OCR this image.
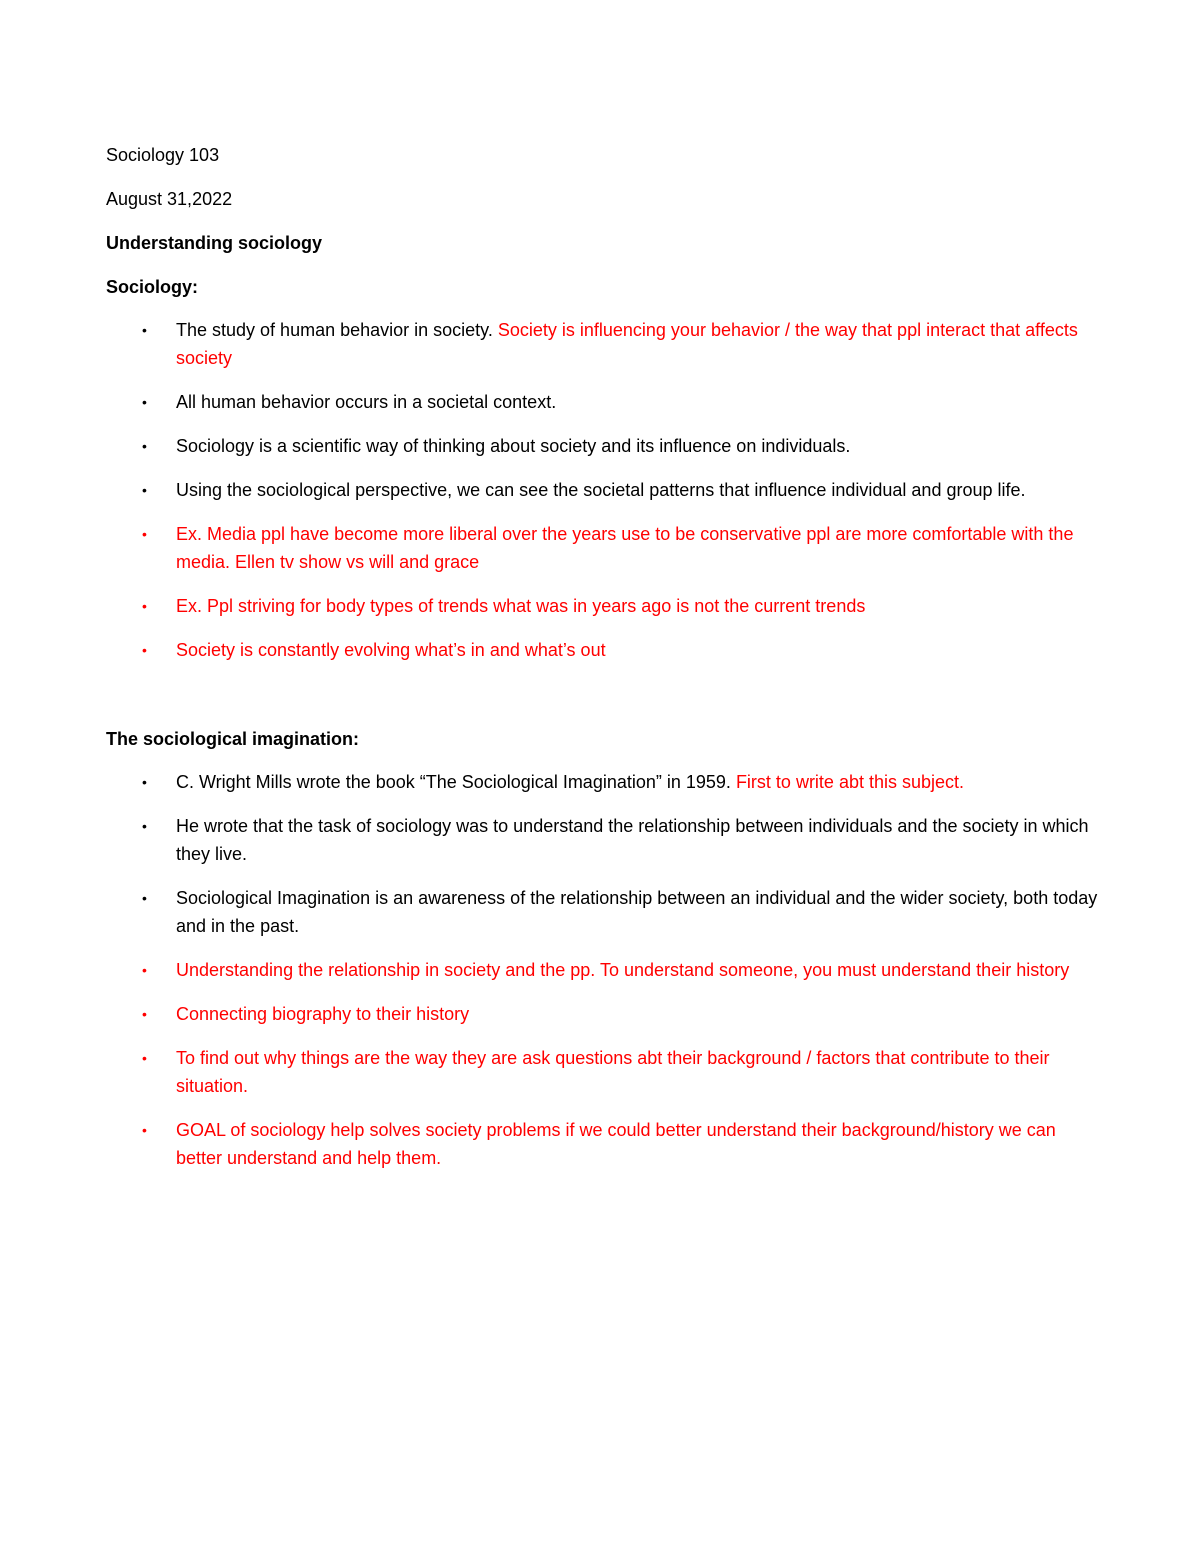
Sociology 103
August 31,2022
Understanding sociology
Sociology:
• The study of human behavior in society. Society is influencing your behavior / the way that ppl interact that affects society
• All human behavior occurs in a societal context.
• Sociology is a scientific way of thinking about society and its influence on individuals.
• Using the sociological perspective, we can see the societal patterns that influence individual and group life.
• Ex. Media ppl have become more liberal over the years use to be conservative ppl are more comfortable with the media. Ellen tv show vs will and grace
• Ex. Ppl striving for body types of trends what was in years ago is not the current trends
• Society is constantly evolving what’s in and what’s out
The sociological imagination:
• C. Wright Mills wrote the book “The Sociological Imagination” in 1959. First to write abt this subject.
• He wrote that the task of sociology was to understand the relationship between individuals and the society in which they live.
• Sociological Imagination is an awareness of the relationship between an individual and the wider society, both today and in the past.
• Understanding the relationship in society and the pp. To understand someone, you must understand their history
• Connecting biography to their history
• To find out why things are the way they are ask questions abt their background / factors that contribute to their situation.
• GOAL of sociology help solves society problems if we could better understand their background/history we can better understand and help them.
